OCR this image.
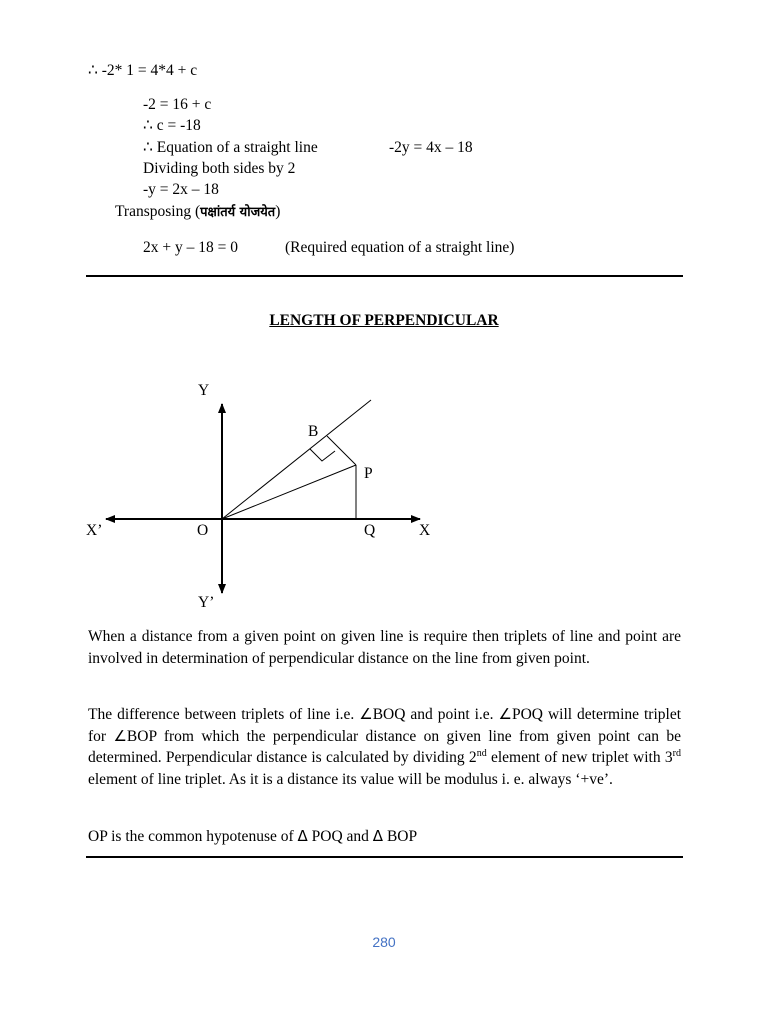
∴ -2* 1 = 4*4 + c
-2 = 16 + c
∴ c = -18
∴ Equation of a straight line	-2y = 4x – 18
Dividing both sides by 2
-y = 2x – 18
Transposing (पक्षांतर्य योजयेत)
2x + y – 18 = 0	(Required equation of a straight line)
LENGTH OF PERPENDICULAR
Y
Y’
X
X’	O	Q
P
B
When a distance from a given point on given line is require then triplets of line and point are involved in determination of perpendicular distance on the line from given point.
The difference between triplets of line i.e. ∠BOQ and point i.e. ∠POQ will determine triplet for ∠BOP from which the perpendicular distance on given line from given point can be determined. Perpendicular distance is calculated by dividing 2nd element of new triplet with 3rd element of line triplet. As it is a distance its value will be modulus i. e. always ‘+ve’.
OP is the common hypotenuse of Δ POQ and Δ BOP
280
